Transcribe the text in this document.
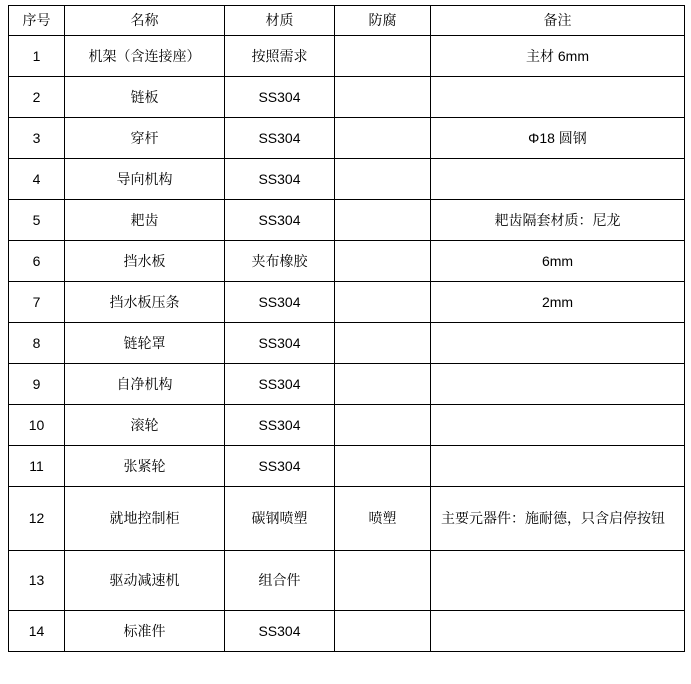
序号	名称	材质	防腐	备注
1	机架（含连接座）	按照需求		主材 6mm
2	链板	SS304		
3	穿杆	SS304		Φ18 圆钢
4	导向机构	SS304		
5	耙齿	SS304		耙齿隔套材质：尼龙
6	挡水板	夹布橡胶		6mm
7	挡水板压条	SS304		2mm
8	链轮罩	SS304		
9	自净机构	SS304		
10	滚轮	SS304		
11	张紧轮	SS304		
12	就地控制柜	碳钢喷塑	喷塑	主要元器件：施耐德，只含启停按钮
13	驱动减速机	组合件		
14	标准件	SS304		
